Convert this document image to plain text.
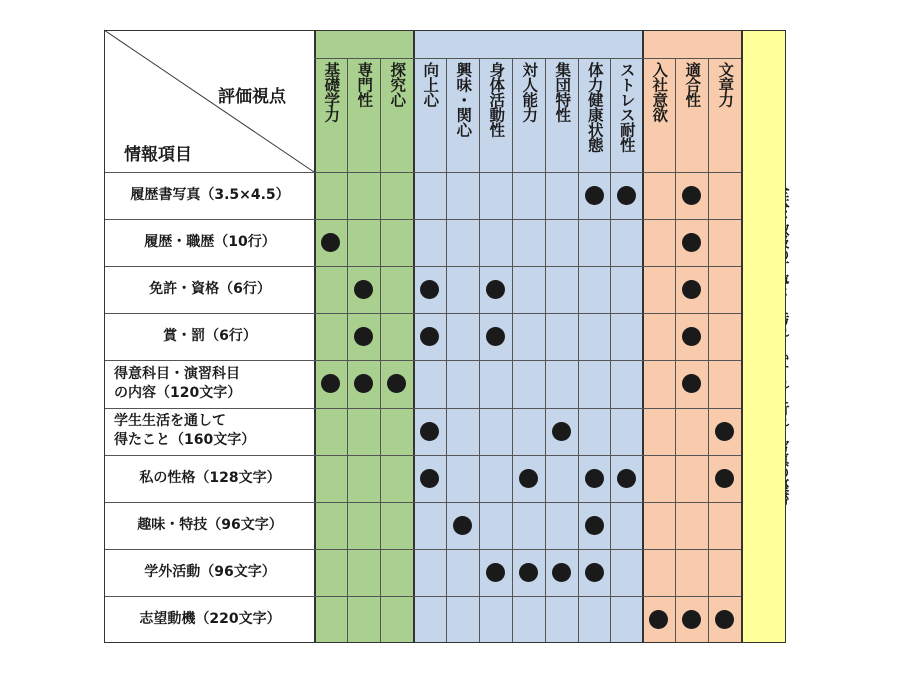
評価視点
情報項目
基礎学力 専門性 探究心 向上心 興味・関心 身体活動性 対人能力 集団特性 体力健康状態 ストレス耐性 入社意欲 適合性 文章力
履歴書写真（3.5×4.5）
履歴・職歴（10行）
免許・資格（6行）
賞・罰（6行）
得意科目・演習科目
の内容（120文字）
学生生活を通して
得たこと（160文字）
私の性格（128文字）
趣味・特技（96文字）
学外活動（96文字）
志望動機（220文字）
